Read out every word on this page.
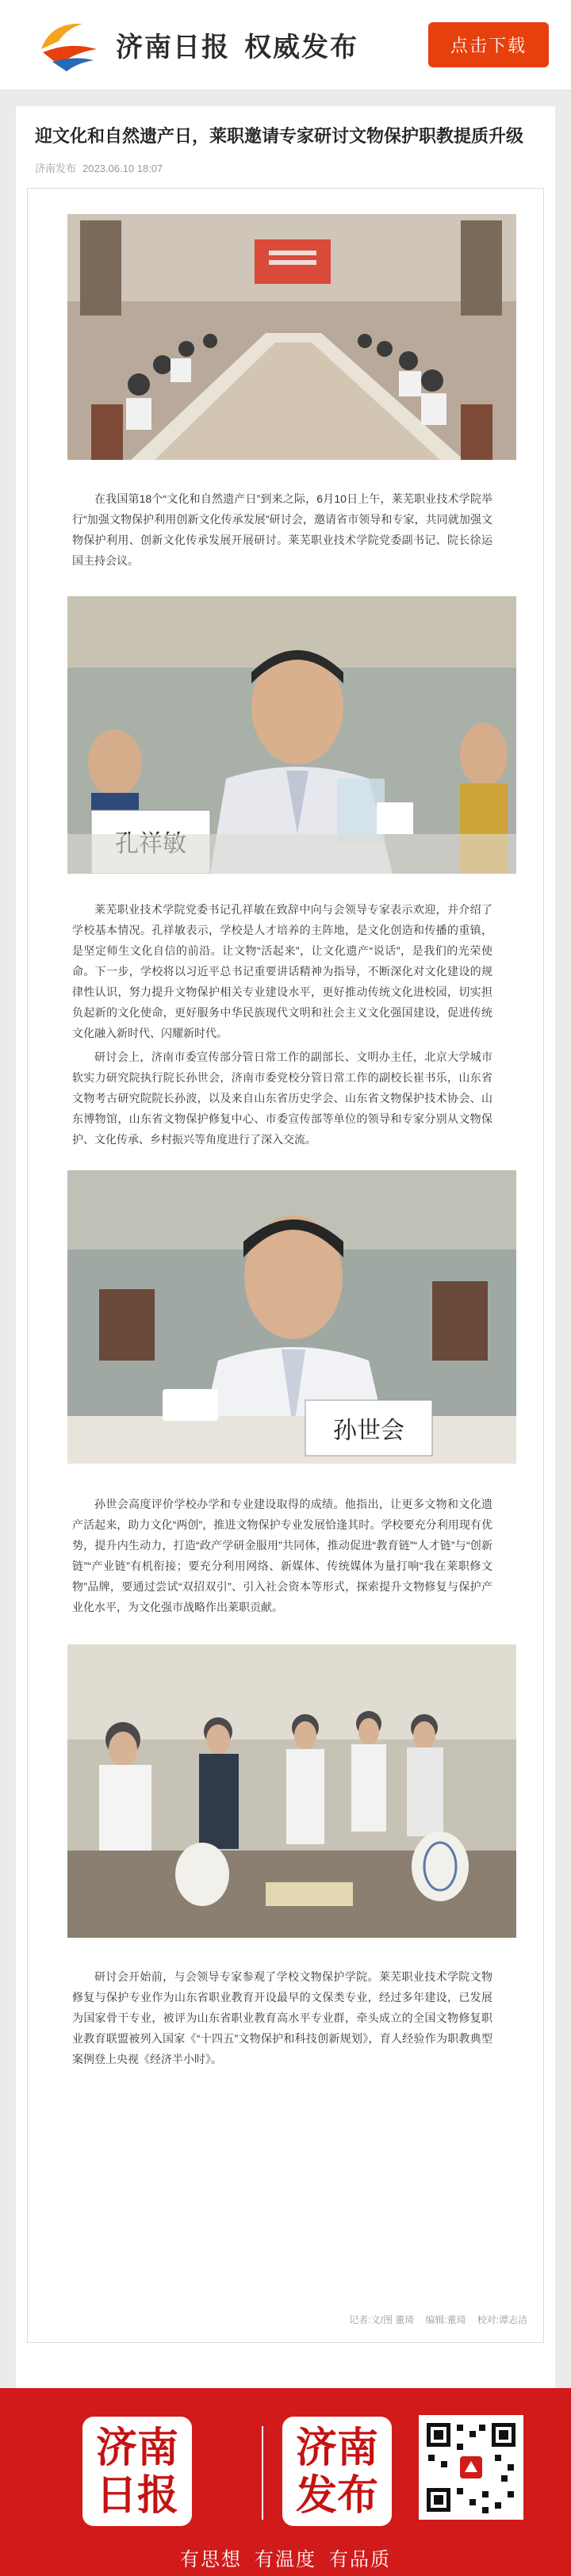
济南日报 权威发布	点击下载
迎文化和自然遗产日，莱职邀请专家研讨文物保护职教提质升级
济南发布 2023.06.10 18:07

在我国第18个“文化和自然遗产日”到来之际，6月10日上午，莱芜职业技术学院举行“加强文物保护利用创新文化传承发展”研讨会，邀请省市领导和专家，共同就加强文物保护利用、创新文化传承发展开展研讨。莱芜职业技术学院党委副书记、院长徐运国主持会议。

莱芜职业技术学院党委书记孔祥敏在致辞中向与会领导专家表示欢迎，并介绍了学校基本情况。孔祥敏表示，学校是人才培养的主阵地，是文化创造和传播的重镇，是坚定师生文化自信的前沿。让文物“活起来”，让文化遗产“说话”，是我们的光荣使命。下一步，学校将以习近平总书记重要讲话精神为指导，不断深化对文化建设的规律性认识，努力提升文物保护相关专业建设水平，更好推动传统文化进校园，切实担负起新的文化使命，更好服务中华民族现代文明和社会主义文化强国建设，促进传统文化融入新时代、闪耀新时代。

研讨会上，济南市委宣传部分管日常工作的副部长、文明办主任，北京大学城市软实力研究院执行院长孙世会，济南市委党校分管日常工作的副校长崔书乐，山东省文物考古研究院院长孙波，以及来自山东省历史学会、山东省文物保护技术协会、山东博物馆，山东省文物保护修复中心、市委宣传部等单位的领导和专家分别从文物保护、文化传承、乡村振兴等角度进行了深入交流。

孙世会

孙世会高度评价学校办学和专业建设取得的成绩。他指出，让更多文物和文化遗产活起来，助力文化“两创”，推进文物保护专业发展恰逢其时。学校要充分利用现有优势，提升内生动力，打造“政产学研金服用”共同体，推动促进“教育链”“人才链”与“创新链”“产业链”有机衔接；要充分利用网络、新媒体、传统媒体为量打响“我在莱职修文物”品牌，要通过尝试“双招双引”、引入社会资本等形式，探索提升文物修复与保护产业化水平，为文化强市战略作出莱职贡献。

研讨会开始前，与会领导专家参观了学校文物保护学院。莱芜职业技术学院文物修复与保护专业作为山东省职业教育开设最早的文保类专业，经过多年建设，已发展为国家骨干专业，被评为山东省职业教育高水平专业群，牵头成立的全国文物修复职业教育联盟被列入国家《“十四五”文物保护和科技创新规划》，育人经验作为职教典型案例登上央视《经济半小时》。

记者:文/图 董琦 编辑:董琦 校对:谭志洁
济南
日报
济南
发布
有思想 有温度 有品质
